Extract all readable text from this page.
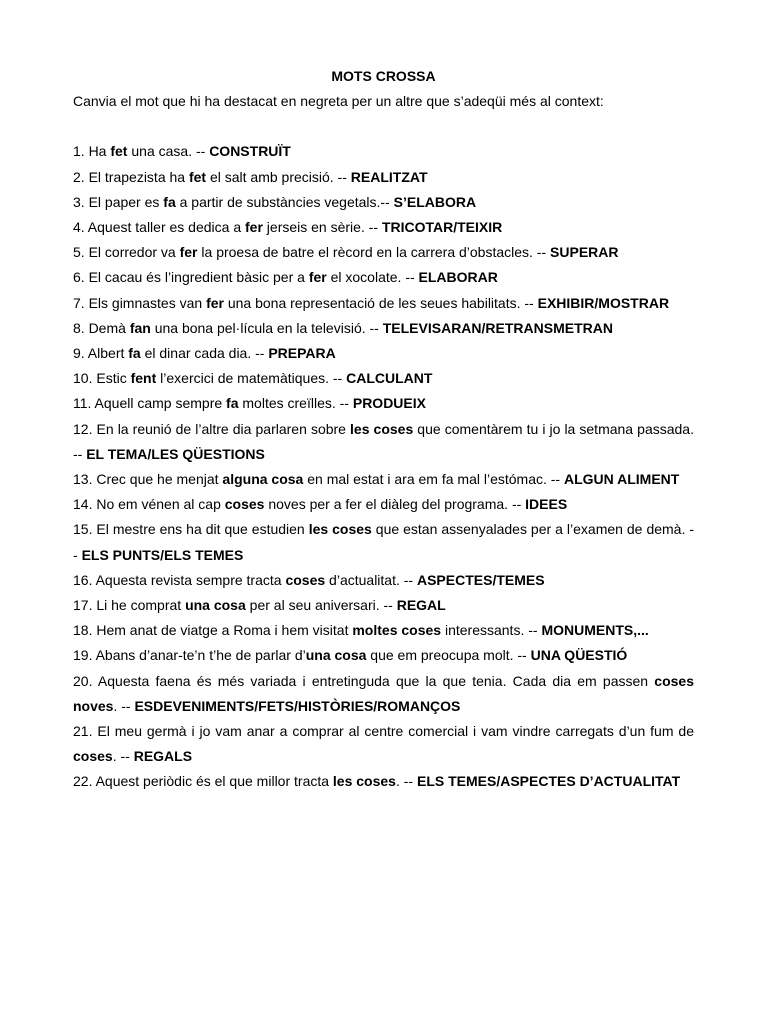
MOTS CROSSA

Canvia el mot que hi ha destacat en negreta per un altre que s’adeqüi més al context:

1. Ha fet una casa. -- CONSTRUÏT

2. El trapezista ha fet el salt amb precisió. -- REALITZAT

3. El paper es fa a partir de substàncies vegetals.-- S’ELABORA

4. Aquest taller es dedica a fer jerseis en sèrie. -- TRICOTAR/TEIXIR

5. El corredor va fer la proesa de batre el rècord en la carrera d’obstacles. -- SUPERAR

6. El cacau és l’ingredient bàsic per a fer el xocolate. -- ELABORAR

7. Els gimnastes van fer una bona representació de les seues habilitats. -- EXHIBIR/MOSTRAR

8. Demà fan una bona pel·lícula en la televisió. -- TELEVISARAN/RETRANSMETRAN

9. Albert fa el dinar cada dia. -- PREPARA

10. Estic fent l’exercici de matemàtiques. -- CALCULANT

11. Aquell camp sempre fa moltes creïlles. -- PRODUEIX

12. En la reunió de l’altre dia parlaren sobre les coses que comentàrem tu i jo la setmana passada. -- EL TEMA/LES QÜESTIONS

13. Crec que he menjat alguna cosa en mal estat i ara em fa mal l’estómac. -- ALGUN ALIMENT

14. No em vénen al cap coses noves per a fer el diàleg del programa. -- IDEES

15. El mestre ens ha dit que estudien les coses que estan assenyalades per a l’examen de demà. -- ELS PUNTS/ELS TEMES

16. Aquesta revista sempre tracta coses d’actualitat. -- ASPECTES/TEMES

17. Li he comprat una cosa per al seu aniversari. -- REGAL

18. Hem anat de viatge a Roma i hem visitat moltes coses interessants. -- MONUMENTS,...

19. Abans d’anar-te’n t’he de parlar d’una cosa que em preocupa molt. -- UNA QÜESTIÓ

20. Aquesta faena és més variada i entretinguda que la que tenia. Cada dia em passen coses noves. -- ESDEVENIMENTS/FETS/HISTÒRIES/ROMANÇOS

21. El meu germà i jo vam anar a comprar al centre comercial i vam vindre carregats d’un fum de coses. -- REGALS

22. Aquest periòdic és el que millor tracta les coses. -- ELS TEMES/ASPECTES D’ACTUALITAT
